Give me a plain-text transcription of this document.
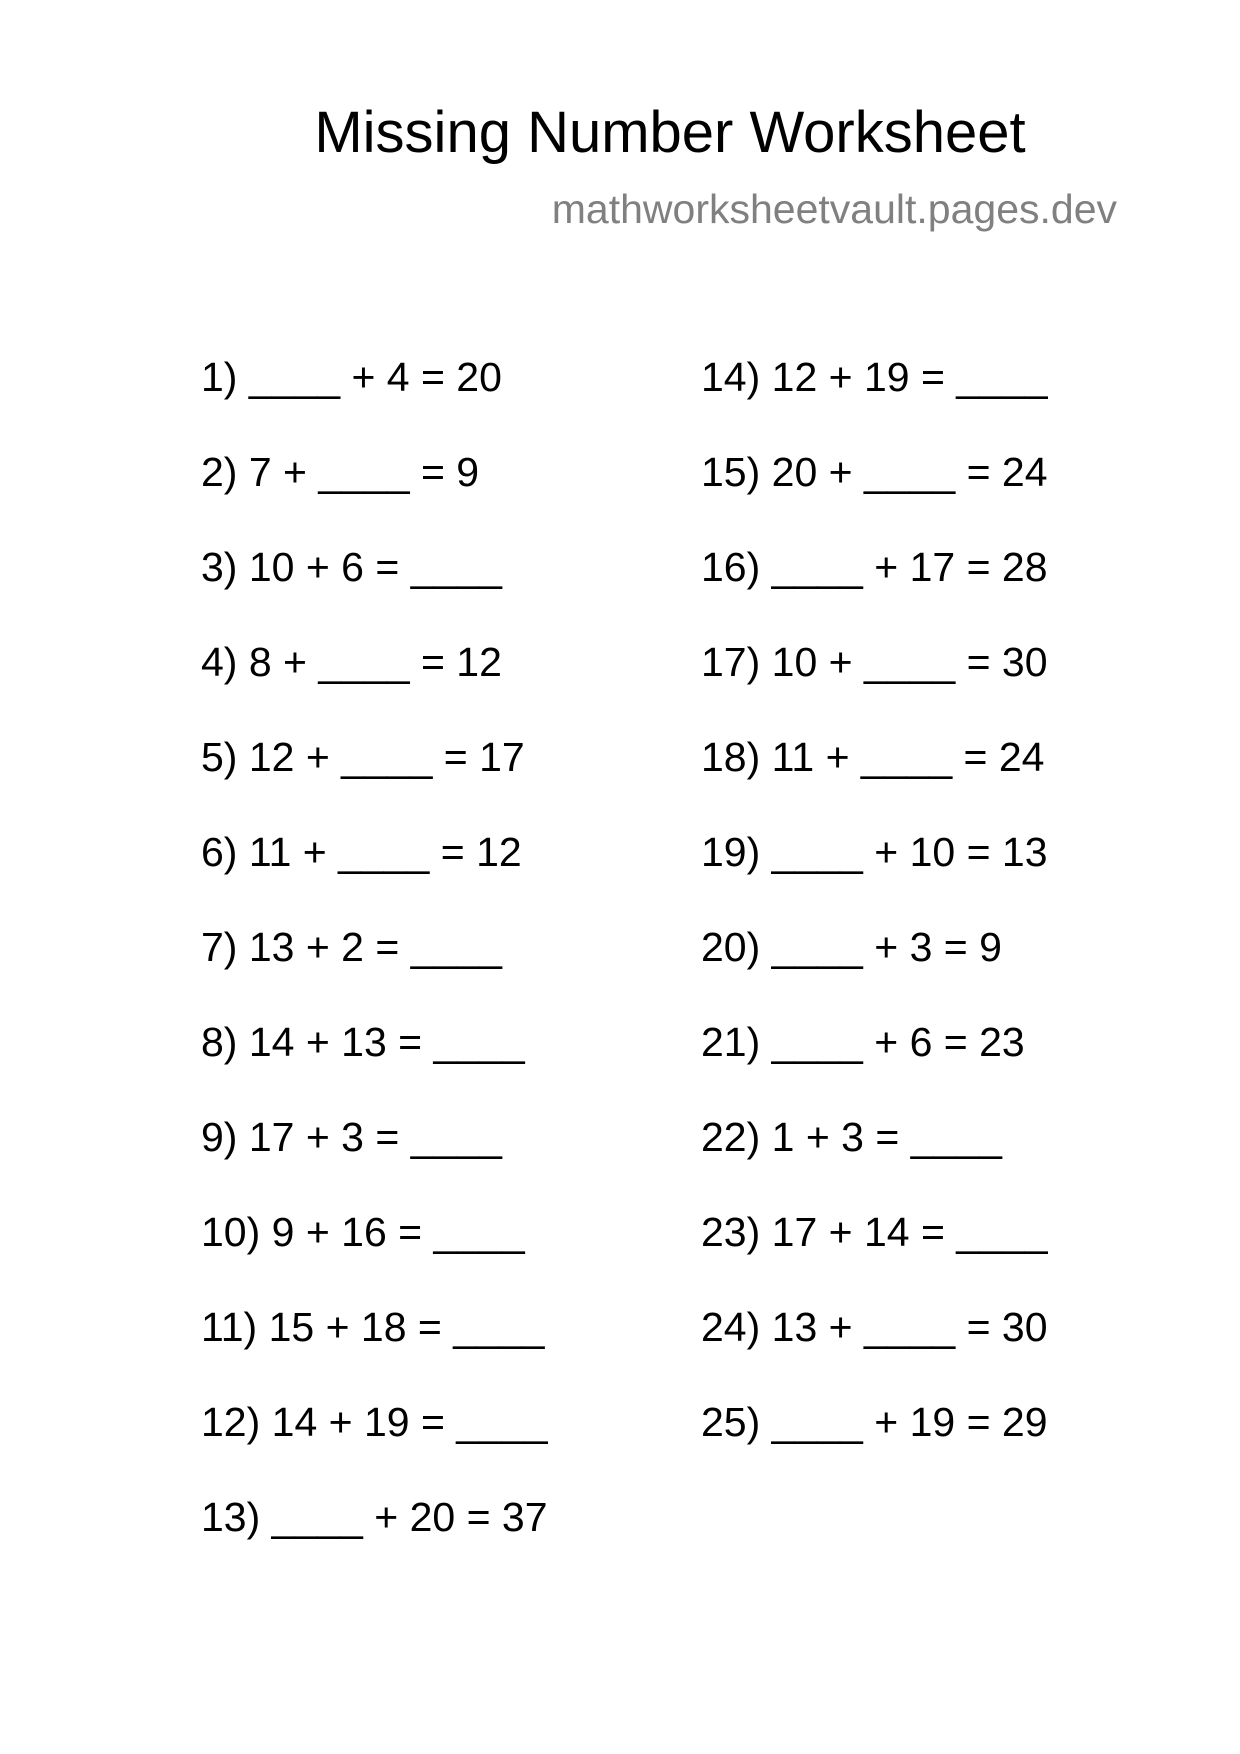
Missing Number Worksheet
mathworksheetvault.pages.dev
1) ____ + 4 = 20
2) 7 + ____ = 9
3) 10 + 6 = ____
4) 8 + ____ = 12
5) 12 + ____ = 17
6) 11 + ____ = 12
7) 13 + 2 = ____
8) 14 + 13 = ____
9) 17 + 3 = ____
10) 9 + 16 = ____
11) 15 + 18 = ____
12) 14 + 19 = ____
13) ____ + 20 = 37
14) 12 + 19 = ____
15) 20 + ____ = 24
16) ____ + 17 = 28
17) 10 + ____ = 30
18) 11 + ____ = 24
19) ____ + 10 = 13
20) ____ + 3 = 9
21) ____ + 6 = 23
22) 1 + 3 = ____
23) 17 + 14 = ____
24) 13 + ____ = 30
25) ____ + 19 = 29
